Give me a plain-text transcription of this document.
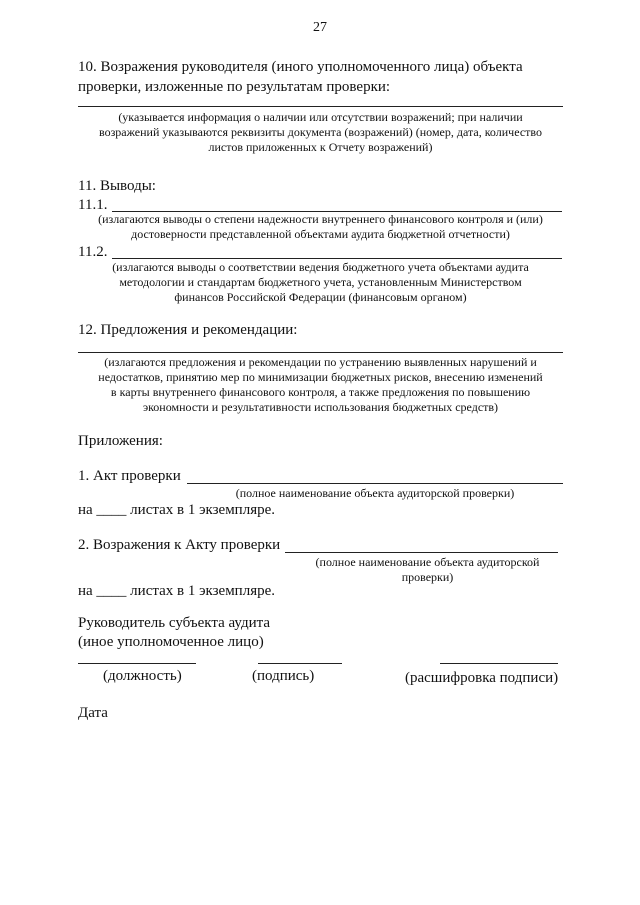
27
10. Возражения руководителя (иного уполномоченного лица) объекта
проверки, изложенные по результатам проверки:
(указывается информация о наличии или отсутствии возражений; при наличии
возражений указываются реквизиты документа (возражений) (номер, дата, количество
листов приложенных к Отчету возражений)
11. Выводы:
11.1.
(излагаются выводы о степени надежности внутреннего финансового контроля и (или)
достоверности представленной объектами аудита бюджетной отчетности)
11.2.
(излагаются выводы о соответствии ведения бюджетного учета объектами аудита
методологии и стандартам бюджетного учета, установленным Министерством
финансов Российской Федерации (финансовым органом)
12. Предложения и рекомендации:
(излагаются предложения и рекомендации по устранению выявленных нарушений и
недостатков, принятию мер по минимизации бюджетных рисков, внесению изменений
в карты внутреннего финансового контроля, а также предложения по повышению
экономности и результативности использования бюджетных средств)
Приложения:
1. Акт проверки
(полное наименование объекта аудиторской проверки)
на ____ листах в 1 экземпляре.
2. Возражения к Акту проверки
(полное наименование объекта аудиторской
проверки)
на ____ листах в 1 экземпляре.
Руководитель субъекта аудита
(иное уполномоченное лицо)
(должность)	(подпись)	(расшифровка подписи)
Дата
